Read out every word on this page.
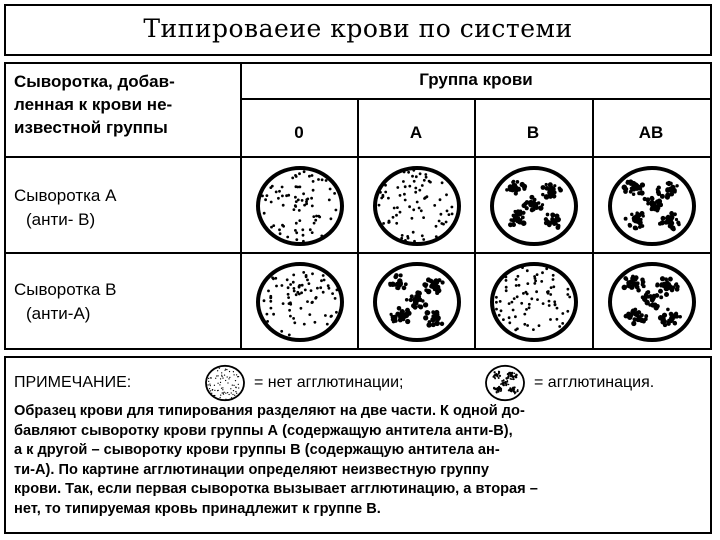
Типироваеие крови по системи
Сыворотка, добав-
ленная к крови не-
известной группы
Группа крови
0	А	В	АВ
Сыворотка А
(анти- В)
Сыворотка В
(анти-А)
ПРИМЕЧАНИЕ:	= нет агглютинации;	= агглютинация.
Образец крови для типирования разделяют на две части. К одной до-
бавляют сыворотку крови группы А (содержащую антитела анти-В),
а к другой – сыворотку крови группы В (содержащую антитела ан-
ти-А). По картине агглютинации определяют неизвестную группу
крови. Так, если первая сыворотка вызывает агглютинацию, а вторая –
нет, то типируемая кровь принадлежит к группе В.
